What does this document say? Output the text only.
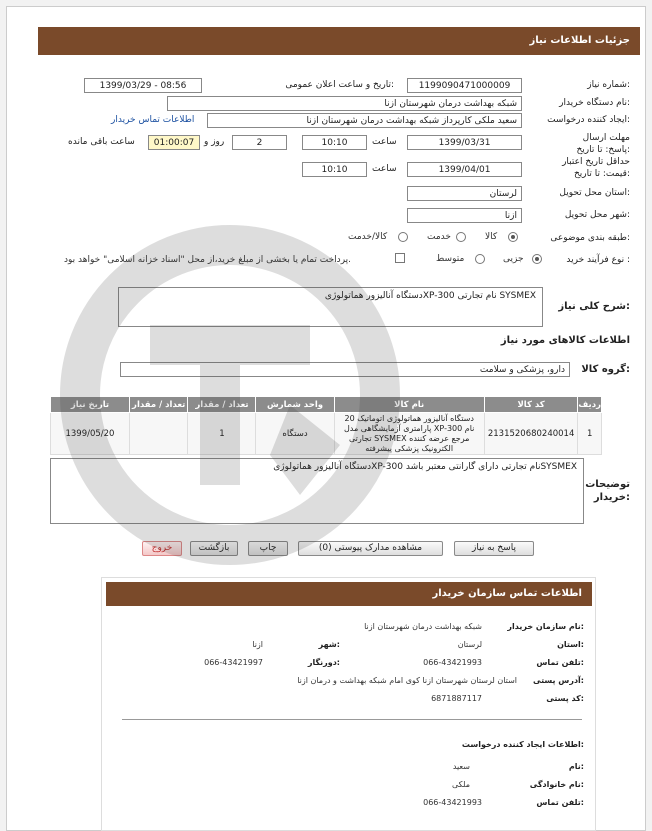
جزئیات اطلاعات نیاز
شماره نیاز:
1199090471000009
تاریخ و ساعت اعلان عمومی:
1399/03/29 - 08:56
نام دستگاه خریدار:
شبکه بهداشت درمان شهرستان ازنا
ایجاد کننده درخواست:
سعید ملکی کارپرداز شبکه بهداشت درمان شهرستان ازنا
اطلاعات تماس خریدار
مهلت ارسال پاسخ: تا تاریخ:
1399/03/31
ساعت
10:10
2
روز و
01:00:07
ساعت باقی مانده
حداقل تاریخ اعتبار قیمت: تا تاریخ:
1399/04/01
ساعت
10:10
استان محل تحویل:
لرستان
شهر محل تحویل:
ازنا
طبقه بندی موضوعی:
کالا
خدمت
کالا/خدمت
نوع فرآیند خرید :
جزیی
متوسط
پرداخت تمام یا بخشی از مبلغ خرید،از محل "اسناد خزانه اسلامی" خواهد بود.
شرح کلی نیاز:
دستگاه آنالیزور هماتولوژیXP-300 نام تجارتی SYSMEX
اطلاعات کالاهای مورد نیاز
گروه کالا:
دارو، پزشکی و سلامت
تاریخ نیاز	تعداد / مقدار	تعداد / مقدار	واحد شمارش	نام کالا	کد کالا	ردیف
1399/05/20		1	دستگاه	دستگاه آنالیزور هماتولوژی اتوماتیک 20 پارامتری آزمایشگاهی مدل XP-300 نام تجارتی SYSMEX مرجع عرضه کننده الکترونیک پزشکی پیشرفته	2131520680240014	1
توضیحات خریدار:
دستگاه آنالیزور هماتولوژیXP-300 نام تجارتی دارای گارانتی معتبر باشدSYSMEX
پاسخ به نیاز
مشاهده مدارک پیوستی (0)
چاپ
بازگشت
خروج
اطلاعات تماس سازمان خریدار
نام سازمان خریدار:
شبکه بهداشت درمان شهرستان ازنا
استان:
لرستان
شهر:
ازنا
تلفن تماس:
066-43421993
دورنگار:
066-43421997
آدرس پستی:
استان لرستان شهرستان ازنا کوی امام شبکه بهداشت و درمان ازنا
کد پستی:
6871887117
اطلاعات ایجاد کننده درخواست:
نام:
سعید
نام خانوادگی:
ملکی
تلفن تماس:
066-43421993
